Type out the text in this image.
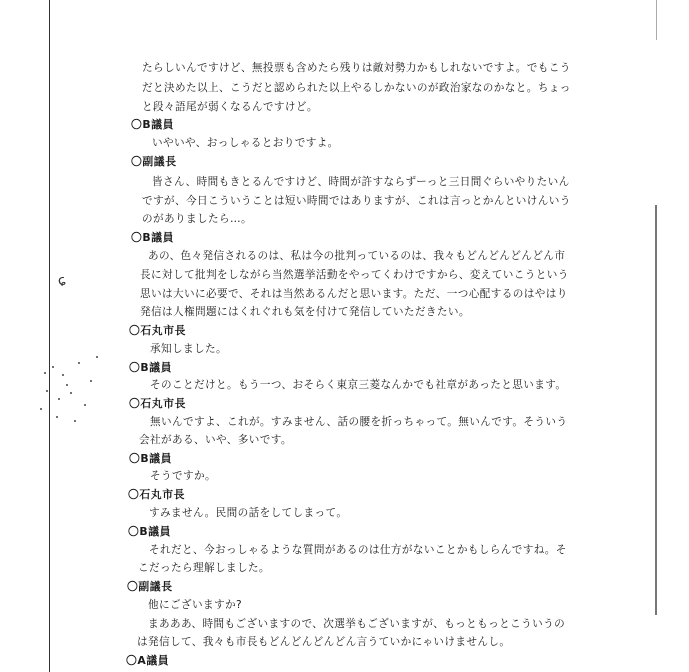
ɕ
たらしいんですけど、無投票も含めたら残りは敵対勢力かもしれないですよ。でもこう
だと決めた以上、こうだと認められた以上やるしかないのが政治家なのかなと。ちょっ
と段々語尾が弱くなるんですけど。
〇B議員
いやいや、おっしゃるとおりですよ。
〇副議長
皆さん、時間もきとるんですけど、時間が許すならずーっと三日間ぐらいやりたいん
ですが、今日こういうことは短い時間ではありますが、これは言っとかんといけんいう
のがありましたら…。
〇B議員
あの、色々発信されるのは、私は今の批判っているのは、我々もどんどんどんどん市
長に対して批判をしながら当然選挙活動をやってくわけですから、変えていこうという
思いは大いに必要で、それは当然あるんだと思います。ただ、一つ心配するのはやはり
発信は人権問題にはくれぐれも気を付けて発信していただきたい。
〇石丸市長
承知しました。
〇B議員
そのことだけと。もう一つ、おそらく東京三菱なんかでも社章があったと思います。
〇石丸市長
無いんですよ、これが。すみません、話の腰を折っちゃって。無いんです。そういう
会社がある、いや、多いです。
〇B議員
そうですか。
〇石丸市長
すみません。民間の話をしてしまって。
〇B議員
それだと、今おっしゃるような質問があるのは仕方がないことかもしらんですね。そ
こだったら理解しました。
〇副議長
他にございますか?
まあああ、時間もございますので、次選挙もございますが、もっともっとこういうの
は発信して、我々も市長もどんどんどんどん言うていかにゃいけませんし。
〇A議員
